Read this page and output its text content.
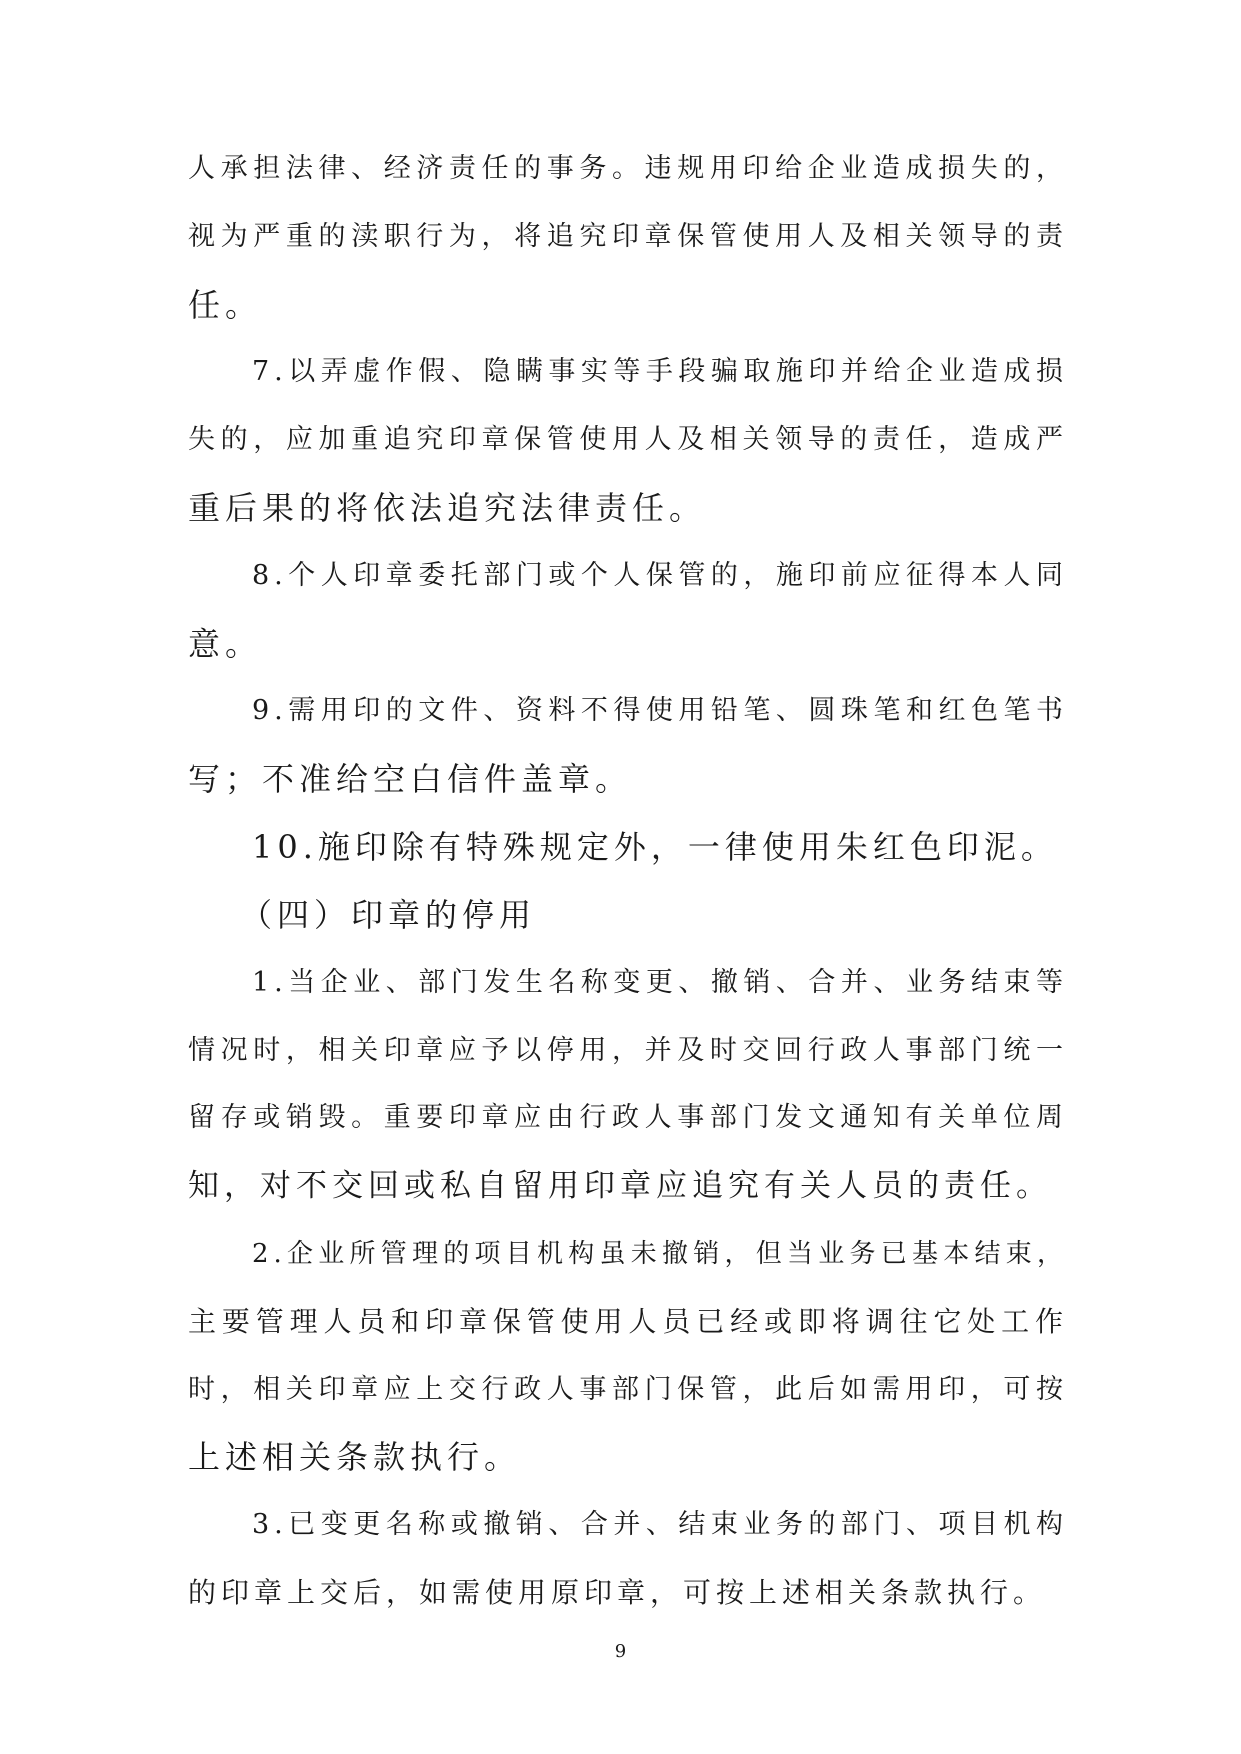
人承担法律、经济责任的事务。违规用印给企业造成损失的，
视为严重的渎职行为，将追究印章保管使用人及相关领导的责
任。
7.以弄虚作假、隐瞒事实等手段骗取施印并给企业造成损
失的，应加重追究印章保管使用人及相关领导的责任，造成严
重后果的将依法追究法律责任。
8.个人印章委托部门或个人保管的，施印前应征得本人同
意。
9.需用印的文件、资料不得使用铅笔、圆珠笔和红色笔书
写；不准给空白信件盖章。
10.施印除有特殊规定外，一律使用朱红色印泥。
（四）印章的停用
1.当企业、部门发生名称变更、撤销、合并、业务结束等
情况时，相关印章应予以停用，并及时交回行政人事部门统一
留存或销毁。重要印章应由行政人事部门发文通知有关单位周
知，对不交回或私自留用印章应追究有关人员的责任。
2.企业所管理的项目机构虽未撤销，但当业务已基本结束，
主要管理人员和印章保管使用人员已经或即将调往它处工作
时，相关印章应上交行政人事部门保管，此后如需用印，可按
上述相关条款执行。
3.已变更名称或撤销、合并、结束业务的部门、项目机构
的印章上交后，如需使用原印章，可按上述相关条款执行。
9
